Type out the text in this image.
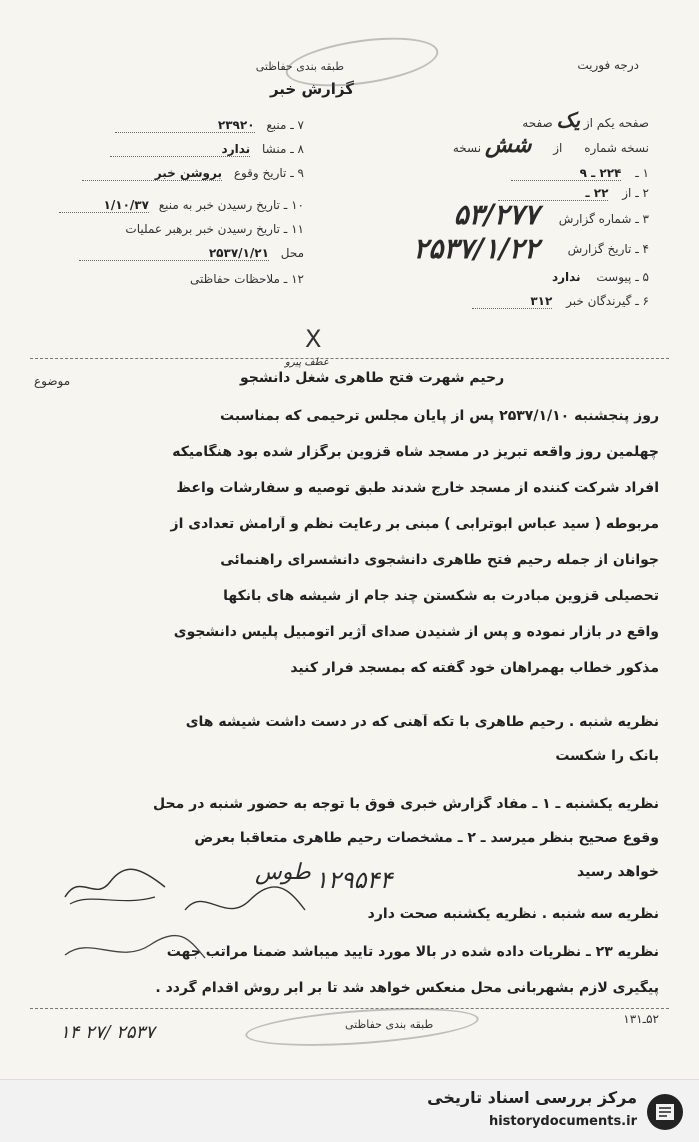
درجه فوریت
طبقه بندی حفاظتی
گزارش خبر
صفحه یکم از یک صفحه
نسخه شماره از شش نسخه
۱ ـ ۲۲۴ ـ ۹
۲ ـ از ۲۲ ـ
۳ ـ شماره گزارش
۵۳/۲۷۷
۴ ـ تاریخ گزارش
۲۵۳۷/۱/۲۲
۵ ـ پیوست ندارد
۶ ـ گیرندگان خبر ۳۱۲
۷ ـ منبع ۲۳۹۲۰
۸ ـ منشا ندارد
۹ ـ تاریخ وقوع بروشن خبر
۱۰ ـ تاریخ رسیدن خبر به منبع ۱/۱۰/۳۷
۱۱ ـ تاریخ رسیدن خبر برهبر عملیات
محل ۲۵۳۷/۱/۲۱
۱۲ ـ ملاحظات حفاظتی
X
موضوع	رحیم شهرت فتح طاهری شغل دانشجو
عطف پیرو
روز پنجشنبه ۲۵۳۷/۱/۱۰ پس از پایان مجلس ترحیمی که بمناسبت
چهلمین روز واقعه تبریز در مسجد شاه قزوین برگزار شده بود هنگامیکه
افراد شرکت کننده از مسجد خارج شدند طبق توصیه و سفارشات واعظ
مربوطه ( سید عباس ابوترابی ) مبنی بر رعایت نظم و آرامش تعدادی از
جوانان از جمله رحیم فتح طاهری دانشجوی دانشسرای راهنمائی
تحصیلی قزوین مبادرت به شکستن چند جام از شیشه های بانکها
واقع در بازار نموده و پس از شنیدن صدای آژیر اتومبیل پلیس دانشجوی
مذکور خطاب بهمراهان خود گفته که بمسجد فرار کنید
نظریه شنبه . رحیم طاهری با تکه آهنی که در دست داشت شیشه های
بانک را شکست
نظریه یکشنبه ـ ۱ ـ مفاد گزارش خبری فوق با توجه به حضور شنبه در محل
وقوع صحیح بنظر میرسد ـ ۲ ـ مشخصات رحیم طاهری متعاقبا بعرض
خواهد رسید
نظریه سه شنبه . نظریه یکشنبه صحت دارد
نظریه ۲۳ ـ نظریات داده شده در بالا مورد تایید میباشد ضمنا مراتب جهت
پیگیری لازم بشهربانی محل منعکس خواهد شد تا بر ابر روش اقدام گردد .
۱۲۹۵۴۴
طوس
طبقه بندی حفاظتی
۱۴ ۲۷/ ۲۵۳۷
۵۲ـ۱۳۱
مرکز بررسی اسناد تاریخی
historydocuments.ir
